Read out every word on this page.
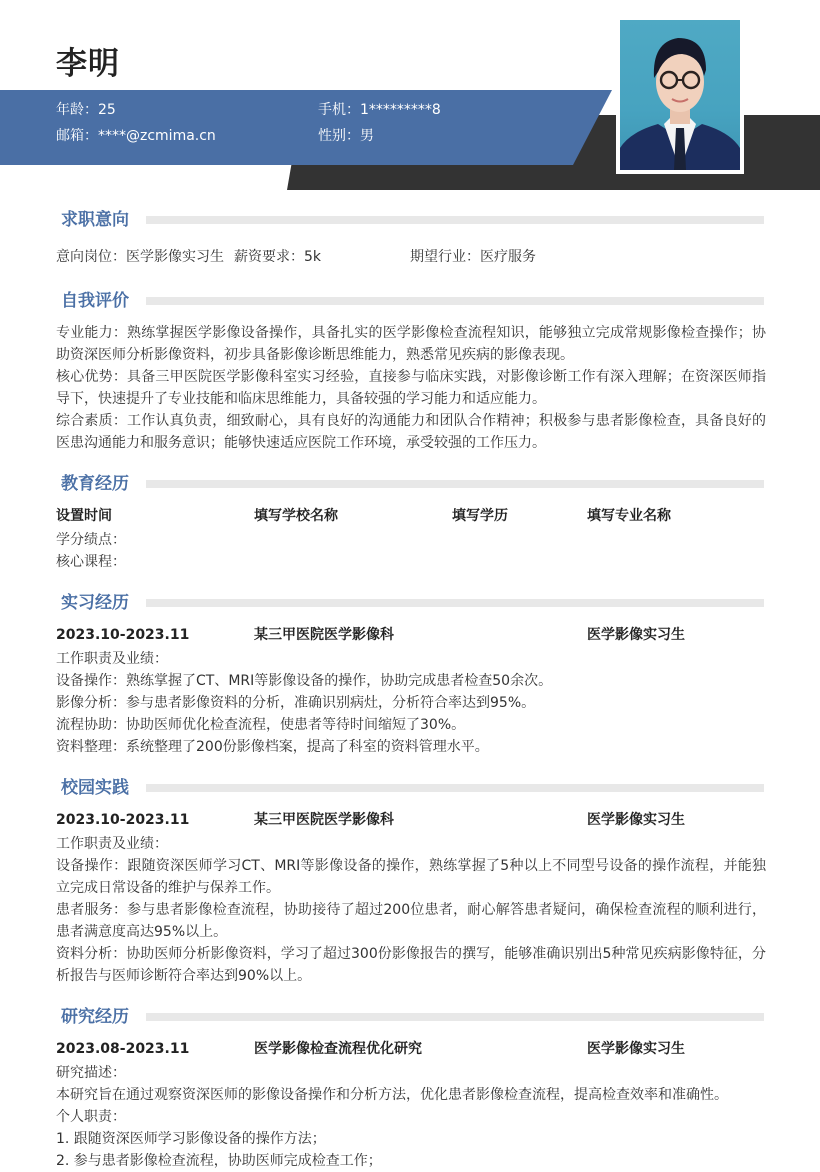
李明
年龄：25	手机：1*********8
邮箱：****@zcmima.cn	性别：男
求职意向
意向岗位：医学影像实习生 薪资要求：5k	期望行业：医疗服务
自我评价
专业能力：熟练掌握医学影像设备操作，具备扎实的医学影像检查流程知识，能够独立完成常规影像检查操作；协助资深医师分析影像资料，初步具备影像诊断思维能力，熟悉常见疾病的影像表现。
核心优势：具备三甲医院医学影像科室实习经验，直接参与临床实践，对影像诊断工作有深入理解；在资深医师指导下，快速提升了专业技能和临床思维能力，具备较强的学习能力和适应能力。
综合素质：工作认真负责，细致耐心，具有良好的沟通能力和团队合作精神；积极参与患者影像检查，具备良好的医患沟通能力和服务意识；能够快速适应医院工作环境，承受较强的工作压力。
教育经历
设置时间	填写学校名称	填写学历	填写专业名称
学分绩点：
核心课程：
实习经历
2023.10-2023.11	某三甲医院医学影像科	医学影像实习生
工作职责及业绩：
设备操作：熟练掌握了CT、MRI等影像设备的操作，协助完成患者检查50余次。
影像分析：参与患者影像资料的分析，准确识别病灶，分析符合率达到95%。
流程协助：协助医师优化检查流程，使患者等待时间缩短了30%。
资料整理：系统整理了200份影像档案，提高了科室的资料管理水平。
校园实践
2023.10-2023.11	某三甲医院医学影像科	医学影像实习生
工作职责及业绩：
设备操作：跟随资深医师学习CT、MRI等影像设备的操作，熟练掌握了5种以上不同型号设备的操作流程，并能独立完成日常设备的维护与保养工作。
患者服务：参与患者影像检查流程，协助接待了超过200位患者，耐心解答患者疑问，确保检查流程的顺利进行，患者满意度高达95%以上。
资料分析：协助医师分析影像资料，学习了超过300份影像报告的撰写，能够准确识别出5种常见疾病影像特征，分析报告与医师诊断符合率达到90%以上。
研究经历
2023.08-2023.11	医学影像检查流程优化研究	医学影像实习生
研究描述：
本研究旨在通过观察资深医师的影像设备操作和分析方法，优化患者影像检查流程，提高检查效率和准确性。
个人职责：
1. 跟随资深医师学习影像设备的操作方法；
2. 参与患者影像检查流程，协助医师完成检查工作；
